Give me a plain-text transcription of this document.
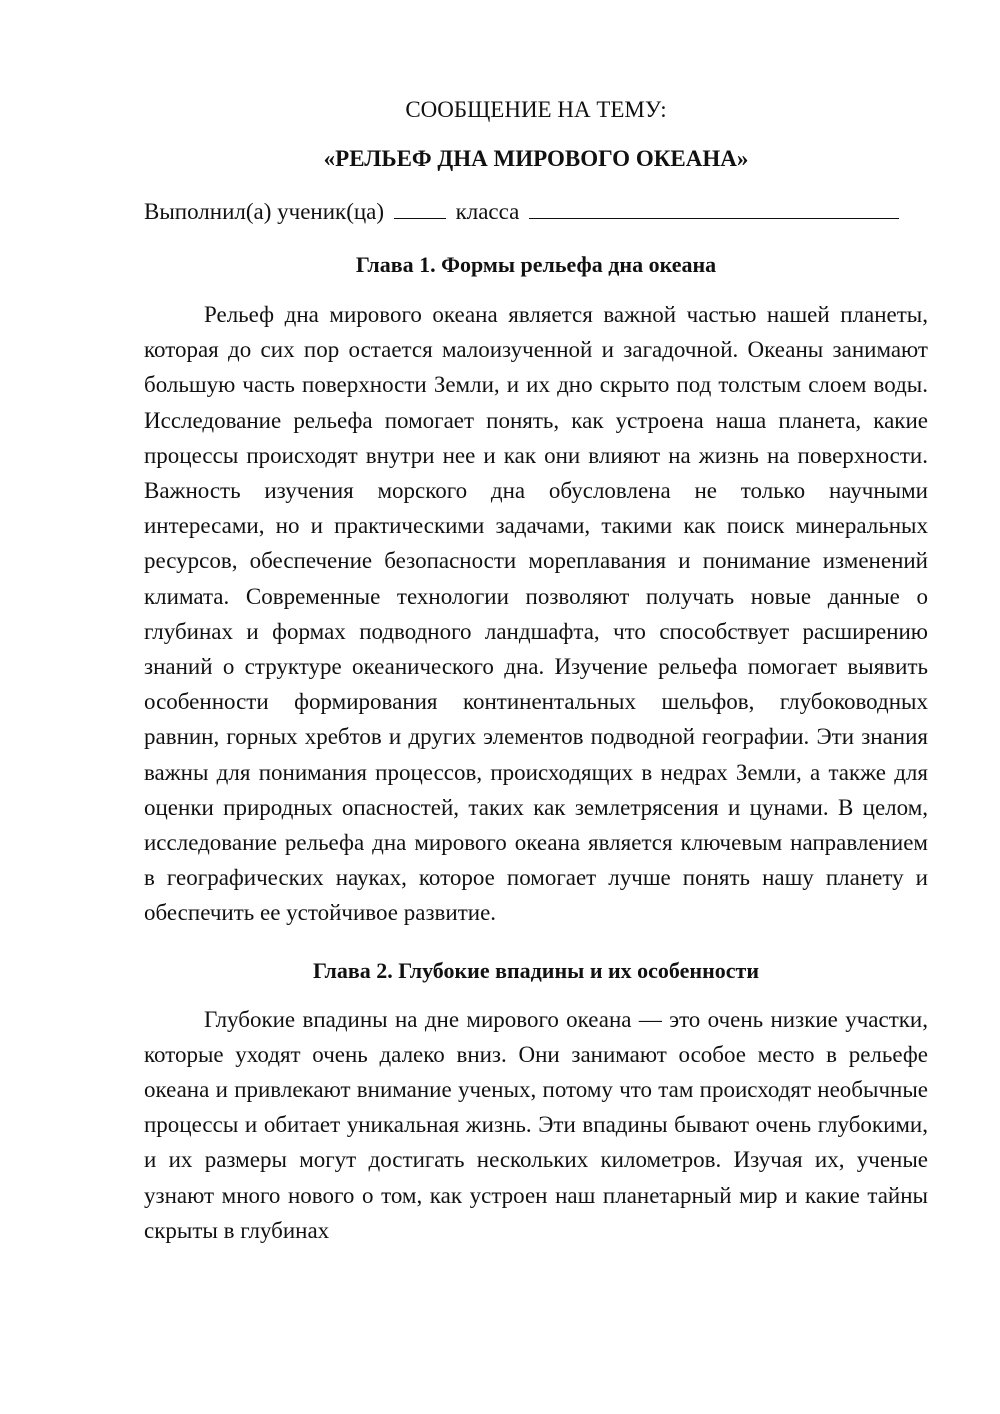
СООБЩЕНИЕ НА ТЕМУ:

«РЕЛЬЕФ ДНА МИРОВОГО ОКЕАНА»

Выполнил(а) ученик(ца)	класса
Глава 1. Формы рельефа дна океана

Рельеф дна мирового океана является важной частью нашей планеты, которая до сих пор остается малоизученной и загадочной. Океаны занимают большую часть поверхности Земли, и их дно скрыто под толстым слоем воды. Исследование рельефа помогает понять, как устроена наша планета, какие процессы происходят внутри нее и как они влияют на жизнь на поверхности. Важность изучения морского дна обусловлена не только научными интересами, но и практическими задачами, такими как поиск минеральных ресурсов, обеспечение безопасности мореплавания и понимание изменений климата. Современные технологии позволяют получать новые данные о глубинах и формах подводного ландшафта, что способствует расширению знаний о структуре океанического дна. Изучение рельефа помогает выявить особенности формирования континентальных шельфов, глубоководных равнин, горных хребтов и других элементов подводной географии. Эти знания важны для понимания процессов, происходящих в недрах Земли, а также для оценки природных опасностей, таких как землетрясения и цунами. В целом, исследование рельефа дна мирового океана является ключевым направлением в географических науках, которое помогает лучше понять нашу планету и обеспечить ее устойчивое развитие.

Глава 2. Глубокие впадины и их особенности

Глубокие впадины на дне мирового океана — это очень низкие участки, которые уходят очень далеко вниз. Они занимают особое место в рельефе океана и привлекают внимание ученых, потому что там происходят необычные процессы и обитает уникальная жизнь. Эти впадины бывают очень глубокими, и их размеры могут достигать нескольких километров. Изучая их, ученые узнают много нового о том, как устроен наш планетарный мир и какие тайны скрыты в глубинах
